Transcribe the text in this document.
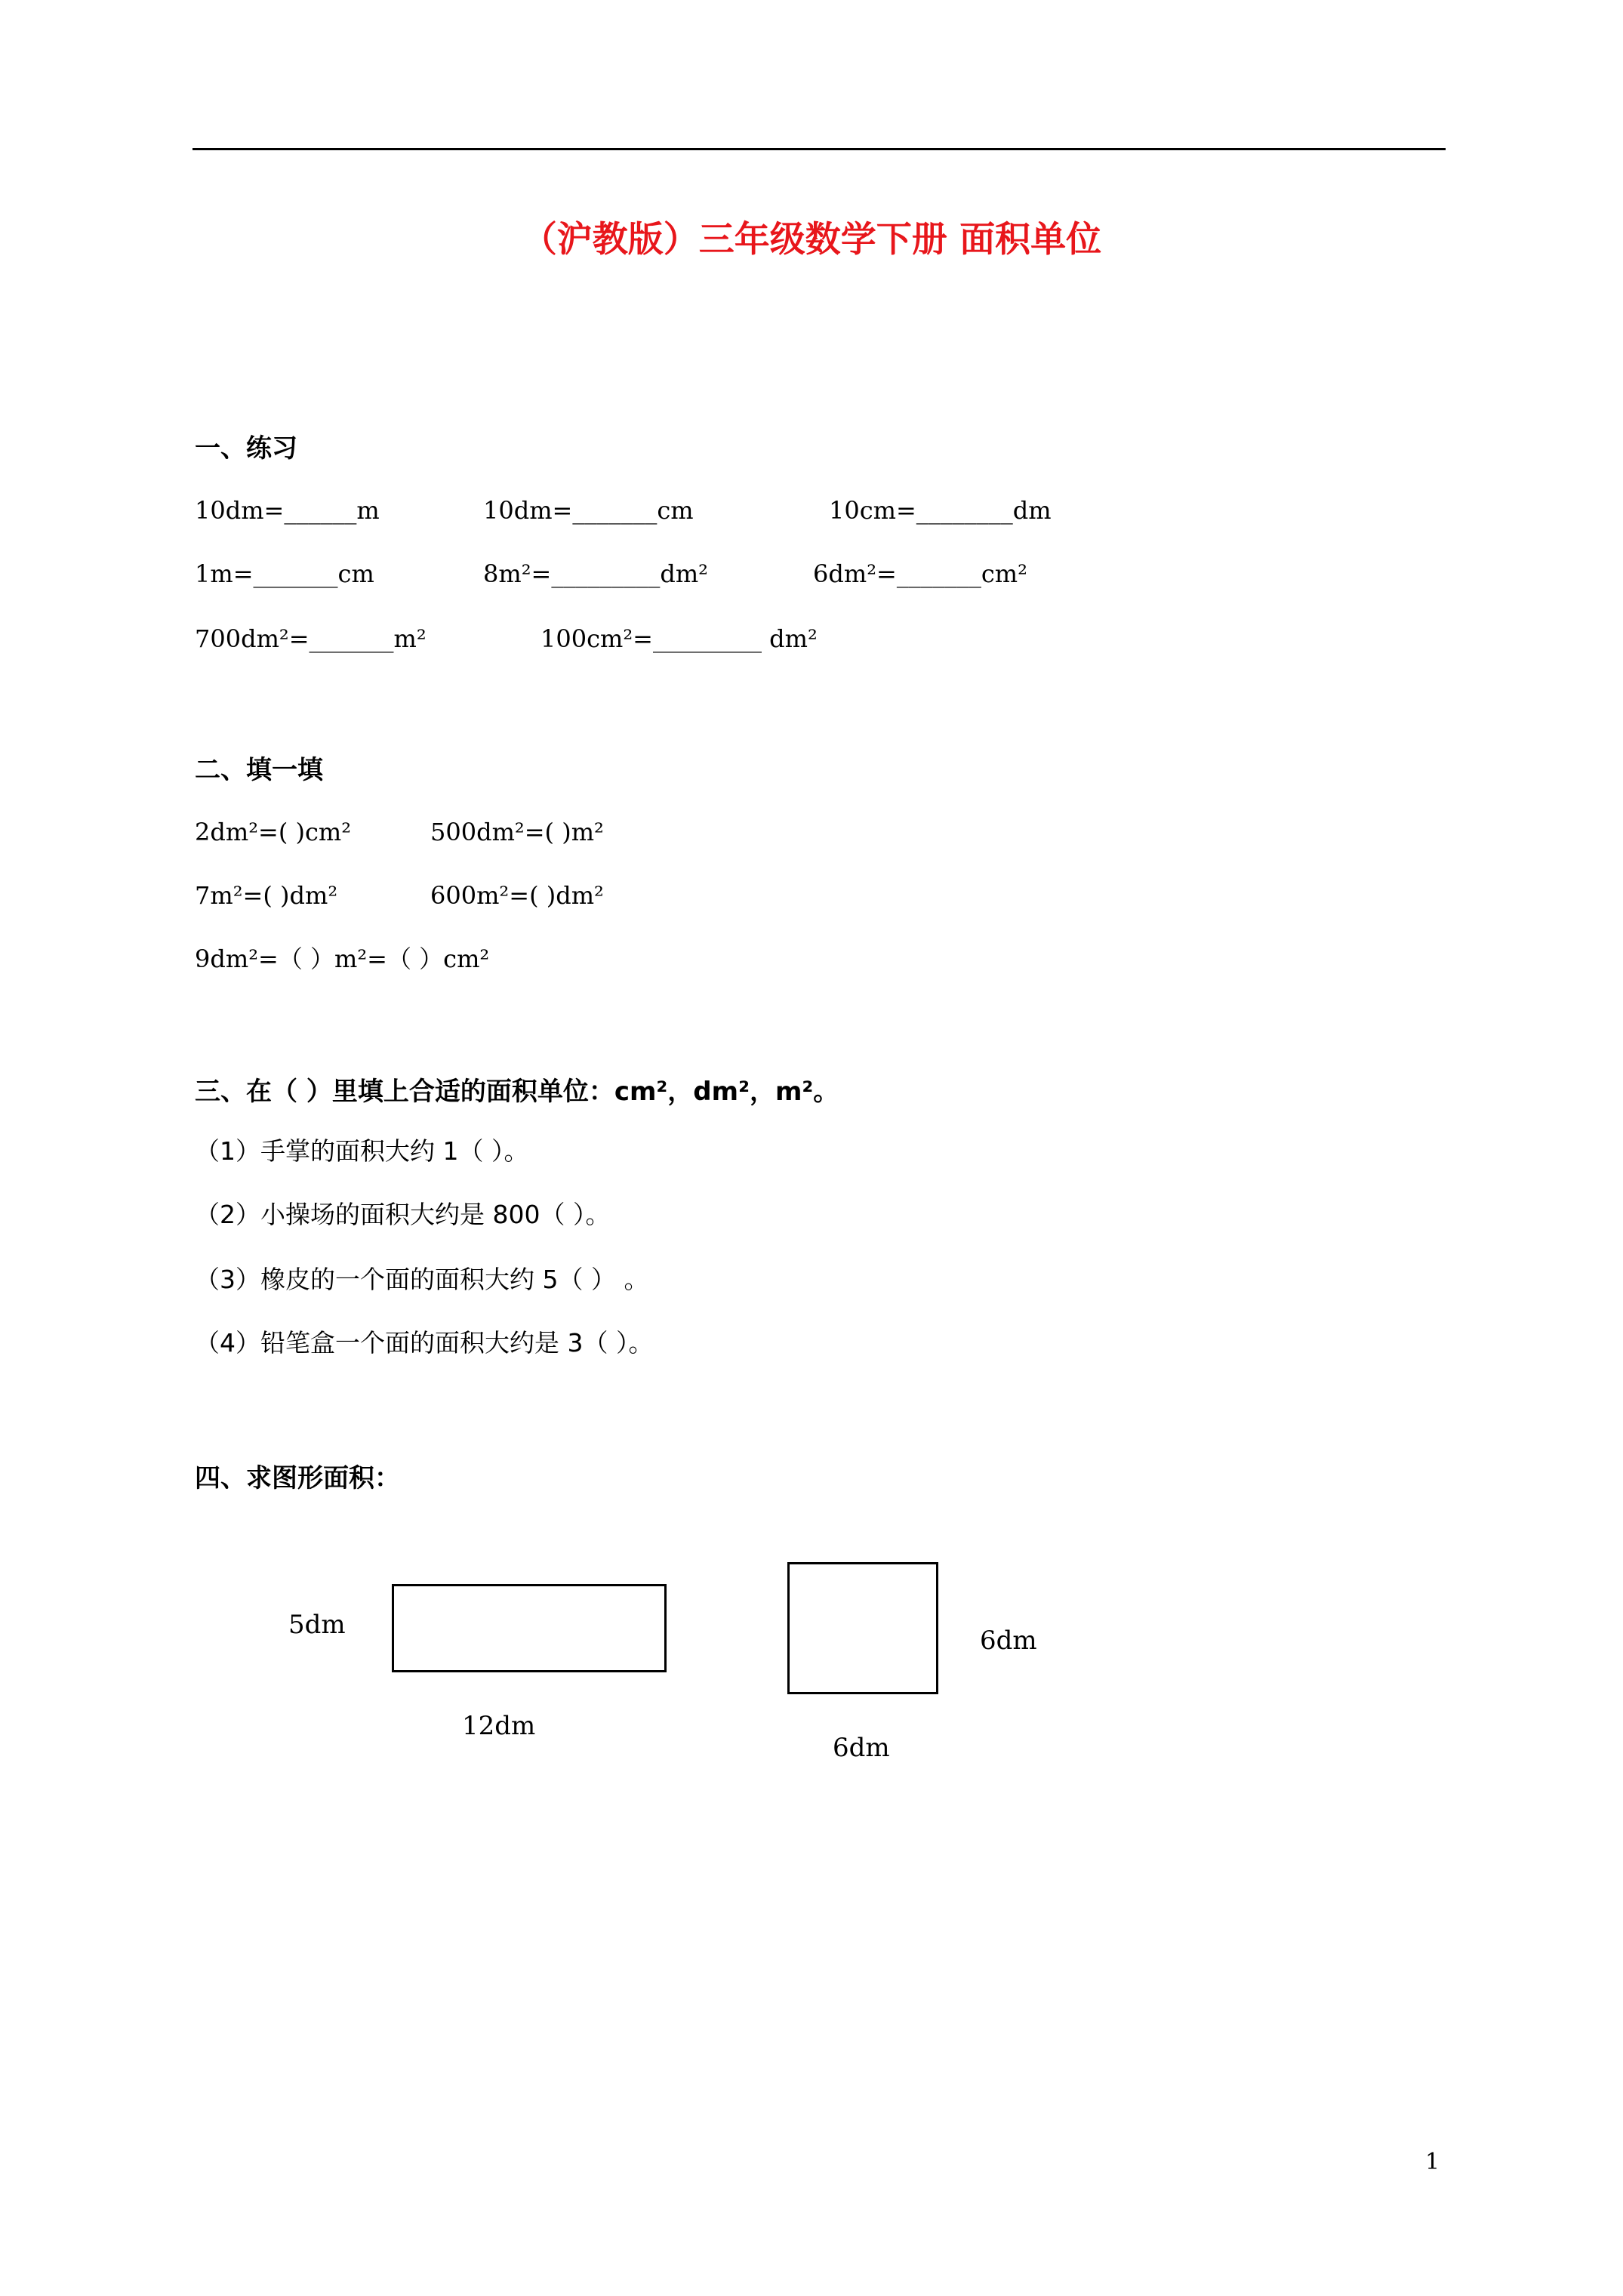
（沪教版）三年级数学下册 面积单位
一、练习
10dm=______m	10dm=_______cm	10cm=________dm
1m=_______cm	8m²=_________dm²	6dm²=_______cm²
700dm²=_______m²	100cm²=_________ dm²
二、填一填
2dm²=( )cm²	500dm²=( )m²
7m²=( )dm²	600m²=( )dm²
9dm²=（ ）m²=（ ）cm²
三、在（ ）里填上合适的面积单位：cm²，dm²，m²。
（1）手掌的面积大约 1（ ）。
（2）小操场的面积大约是 800（ ）。
（3）橡皮的一个面的面积大约 5（ ） 。
（4）铅笔盒一个面的面积大约是 3（ ）。
四、求图形面积：
5dm
12dm
6dm
6dm
1
